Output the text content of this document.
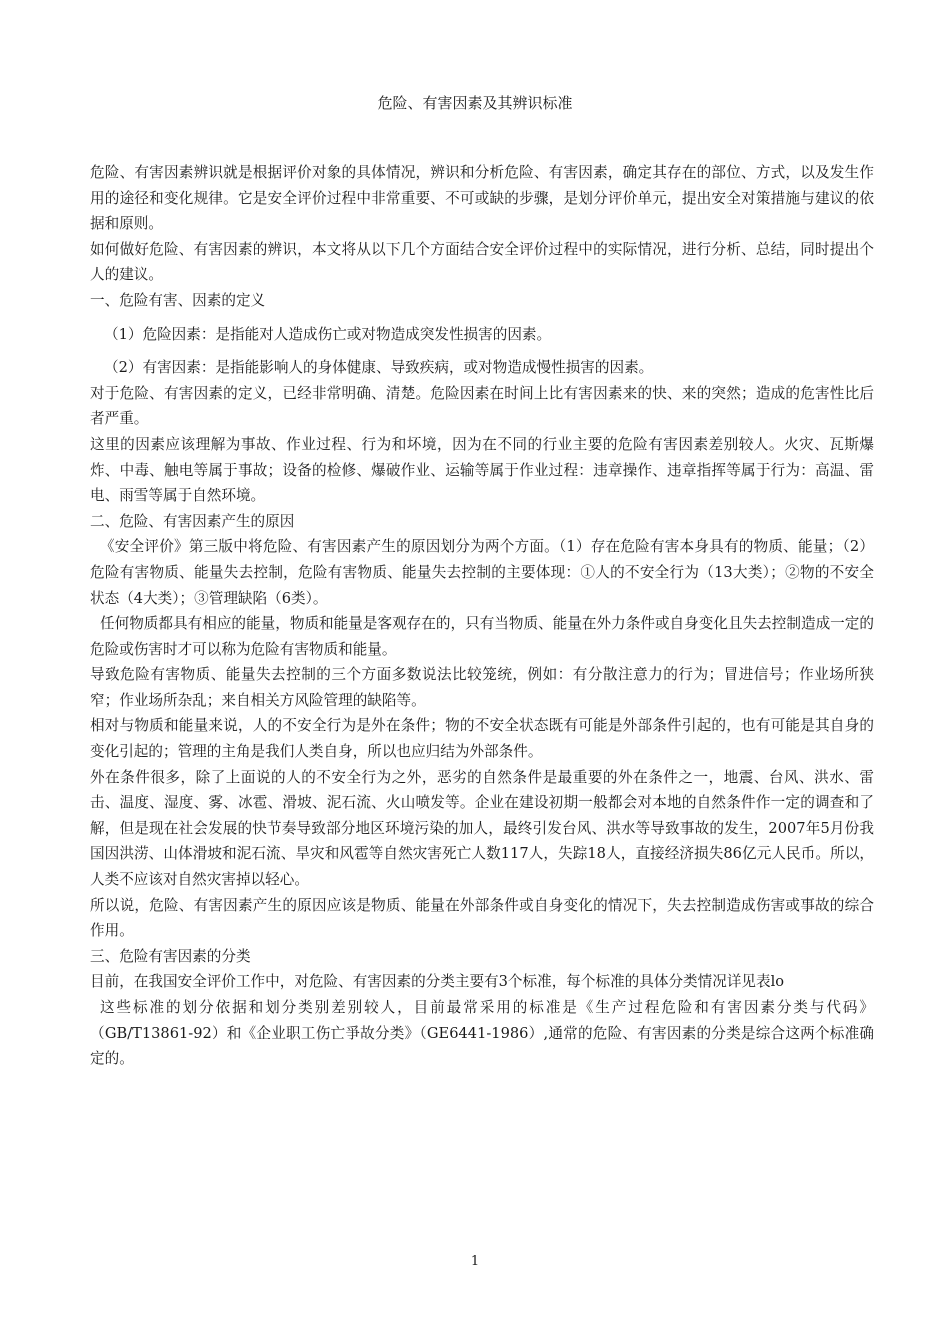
危险、有害因素及其辨识标准

危险、有害因素辨识就是根据评价对象的具体情况，辨识和分析危险、有害因素，确定其存在的部位、方式，以及发生作用的途径和变化规律。它是安全评价过程中非常重要、不可或缺的步骤，是划分评价单元，提出安全对策措施与建议的依据和原则。

如何做好危险、有害因素的辨识，本文将从以下几个方面结合安全评价过程中的实际情况，进行分析、总结，同时提出个人的建议。

一、危险有害、因素的定义

（1）危险因素：是指能对人造成伤亡或对物造成突发性损害的因素。

（2）有害因素：是指能影响人的身体健康、导致疾病，或对物造成慢性损害的因素。

对于危险、有害因素的定义，已经非常明确、清楚。危险因素在时间上比有害因素来的快、来的突然；造成的危害性比后者严重。

这里的因素应该理解为事故、作业过程、行为和坏境，因为在不同的行业主要的危险有害因素差别较人。火灾、瓦斯爆炸、中毒、触电等属于事故；设备的检修、爆破作业、运输等属于作业过程：违章操作、违章指挥等属于行为：高温、雷电、雨雪等属于自然环境。

二、危险、有害因素产生的原因

《安全评价》第三版中将危险、有害因素产生的原因划分为两个方面。（1）存在危险有害本身具有的物质、能量；（2）危险有害物质、能量失去控制，危险有害物质、能量失去控制的主要体现：①人的不安全行为（13大类）；②物的不安全状态（4大类）；③管理缺陷（6类）。

任何物质都具有相应的能量，物质和能量是客观存在的，只有当物质、能量在外力条件或自身变化且失去控制造成一定的危险或伤害时才可以称为危险有害物质和能量。

导致危险有害物质、能量失去控制的三个方面多数说法比较笼统，例如：有分散注意力的行为；冒进信号；作业场所狭窄；作业场所杂乱；来自相关方风险管理的缺陷等。

相对与物质和能量来说，人的不安全行为是外在条件；物的不安全状态既有可能是外部条件引起的，也有可能是其自身的变化引起的；管理的主角是我们人类自身，所以也应归结为外部条件。

外在条件很多，除了上面说的人的不安全行为之外，恶劣的自然条件是最重要的外在条件之一，地震、台风、洪水、雷击、温度、湿度、雾、冰雹、滑坡、泥石流、火山喷发等。企业在建设初期一般都会对本地的自然条件作一定的调查和了解，但是现在社会发展的快节奏导致部分地区环境污染的加人，最终引发台风、洪水等导致事故的发生，2007年5月份我国因洪涝、山体滑坡和泥石流、旱灾和风雹等自然灾害死亡人数117人，失踪18人，直接经济损失86亿元人民币。所以，人类不应该对自然灾害掉以轻心。

所以说，危险、有害因素产生的原因应该是物质、能量在外部条件或自身变化的情况下，失去控制造成伤害或事故的综合作用。

三、危险有害因素的分类

目前，在我国安全评价工作中，对危险、有害因素的分类主要有3个标准，每个标准的具体分类情况详见表lo

这些标准的划分依据和划分类别差别较人，目前最常采用的标准是《生产过程危险和有害因素分类与代码》（GB/T13861-92）和《企业职工伤亡爭故分类》（GE6441-1986）,通常的危险、有害因素的分类是综合这两个标准确定的。

1
